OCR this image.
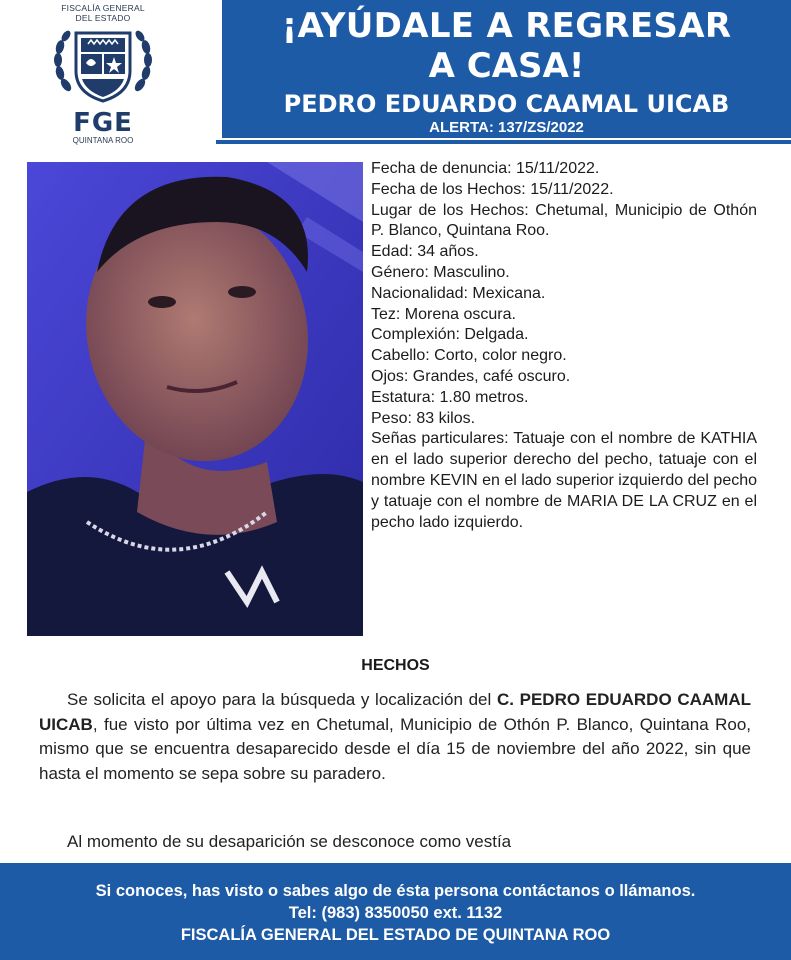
FISCALÍA GENERAL
DEL ESTADO
FGE
QUINTANA ROO
¡AYÚDALE A REGRESAR
A CASA!
PEDRO EDUARDO CAAMAL UICAB
ALERTA: 137/ZS/2022
Fecha de denuncia: 15/11/2022.
Fecha de los Hechos: 15/11/2022.
Lugar de los Hechos: Chetumal, Municipio de Othón P. Blanco, Quintana Roo.
Edad: 34 años.
Género: Masculino.
Nacionalidad: Mexicana.
Tez: Morena oscura.
Complexión: Delgada.
Cabello: Corto, color negro.
Ojos: Grandes, café oscuro.
Estatura: 1.80 metros.
Peso: 83 kilos.
Señas particulares: Tatuaje con el nombre de KATHIA en el lado superior derecho del pecho, tatuaje con el nombre KEVIN en el lado superior izquierdo del pecho y tatuaje con el nombre de MARIA DE LA CRUZ en el pecho lado izquierdo.
HECHOS

Se solicita el apoyo para la búsqueda y localización del C. PEDRO EDUARDO CAAMAL UICAB, fue visto por última vez en Chetumal, Municipio de Othón P. Blanco, Quintana Roo, mismo que se encuentra desaparecido desde el día 15 de noviembre del año 2022, sin que hasta el momento se sepa sobre su paradero.

Al momento de su desaparición se desconoce como vestía
Si conoces, has visto o sabes algo de ésta persona contáctanos o llámanos.
Tel: (983) 8350050 ext. 1132
FISCALÍA GENERAL DEL ESTADO DE QUINTANA ROO
